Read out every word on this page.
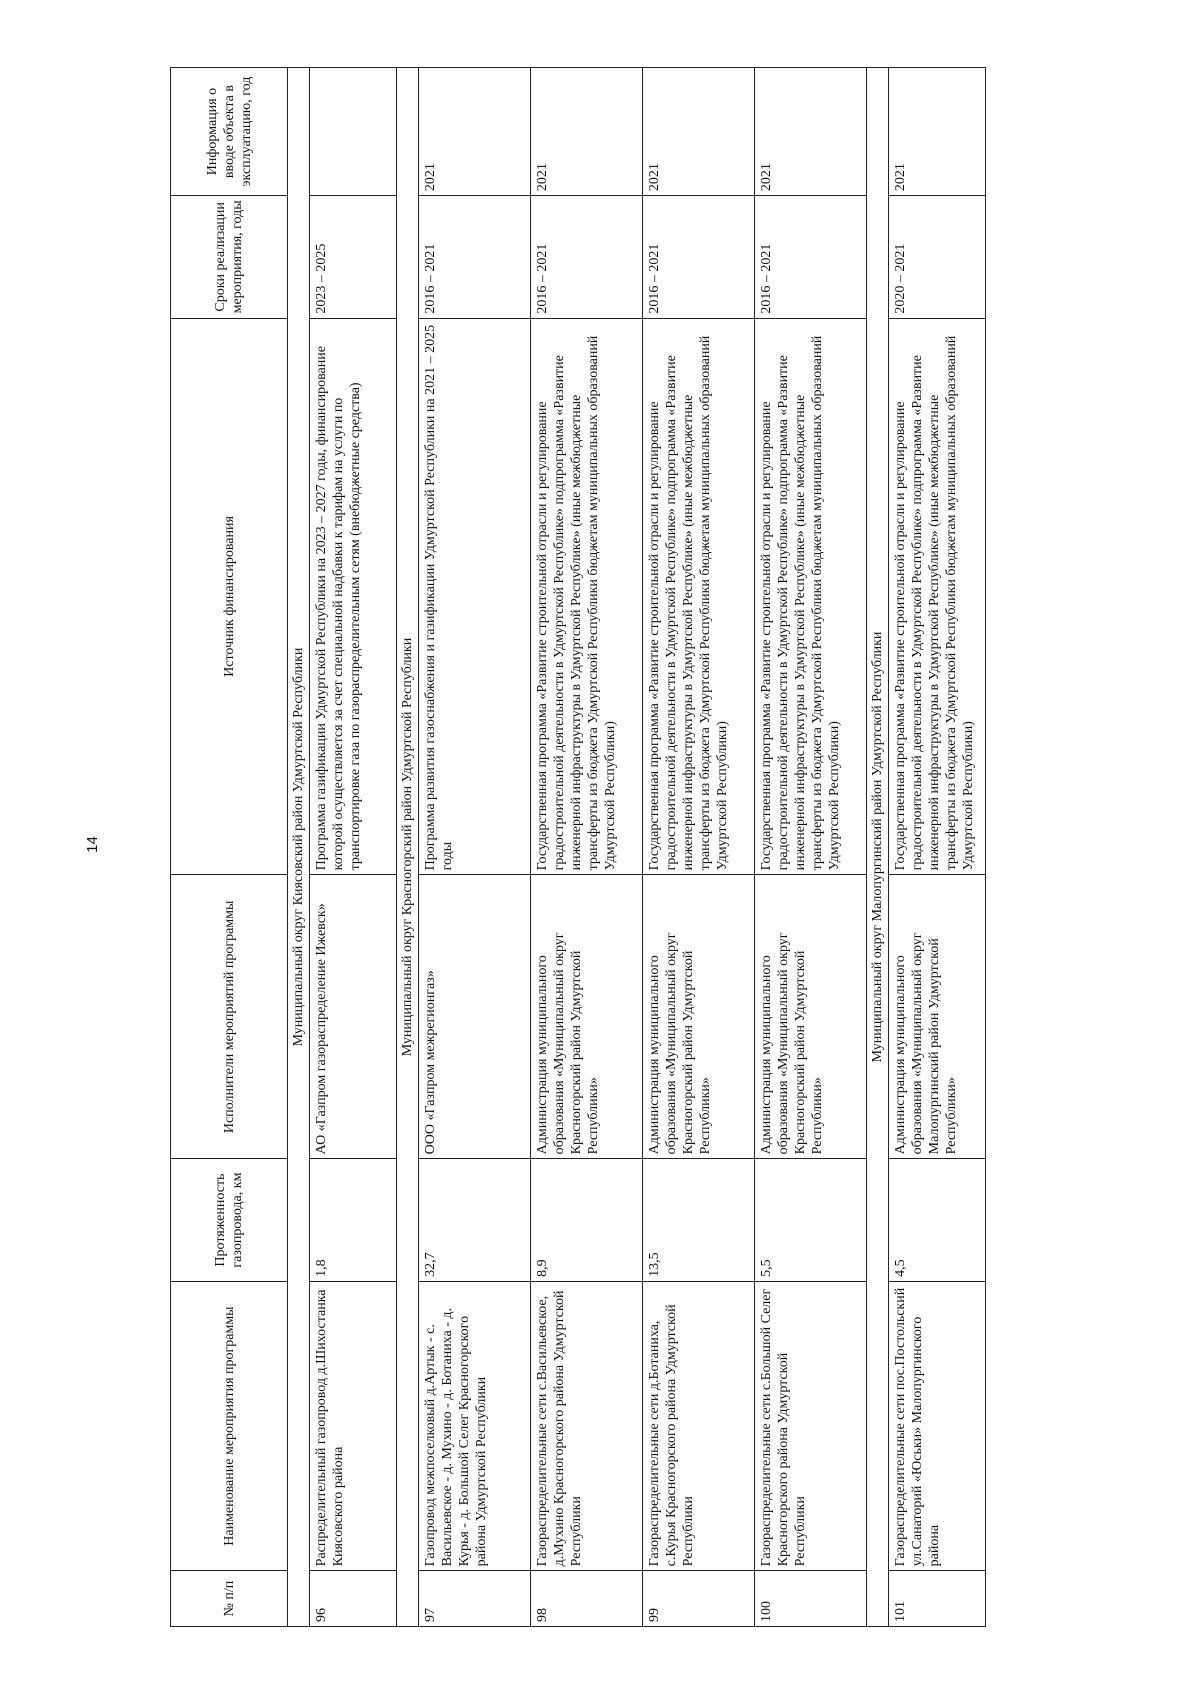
14
№ п/п	Наименование мероприятия программы	Протяженность газопровода, км	Исполнители мероприятий программы	Источник финансирования	Сроки реализации мероприятия, годы	Информация о вводе объекта в эксплуатацию, год
Муниципальный округ Киясовский район Удмуртской Республики						
96	Распределительный газопровод д.Шихостанка Киясовского района	1,8	АО «Газпром газораспределение Ижевск»	Программа газификации Удмуртской Республики на 2023 – 2027 годы, финансирование которой осуществляется за счет специальной надбавки к тарифам на услуги по транспортировке газа по газораспределительным сетям (внебюджетные средства)	2023 – 2025	
Муниципальный округ Красногорский район Удмуртской Республики						
97	Газопровод межпоселковый д.Артык - с. Васильевское - д. Мухино - д. Ботаниха - д. Курья - д. Большой Селег Красногорского района Удмуртской Республики	32,7	ООО «Газпром межрегионгаз»	Программа развития газоснабжения и газификации Удмуртской Республики на 2021 – 2025 годы	2016 – 2021	2021
98	Газораспределительные сети с.Васильевское, д.Мухино Красногорского района Удмуртской Республики	8,9	Администрация муниципального образования «Муниципальный округ Красногорский район Удмуртской Республики»	Государственная программа «Развитие строительной отрасли и регулирование градостроительной деятельности в Удмуртской Республике» подпрограмма «Развитие инженерной инфраструктуры в Удмуртской Республике» (иные межбюджетные трансферты из бюджета Удмуртской Республики бюджетам муниципальных образований Удмуртской Республики)	2016 – 2021	2021
99	Газораспределительные сети д.Ботаниха, с.Курья Красногорского района Удмуртской Республики	13,5	Администрация муниципального образования «Муниципальный округ Красногорский район Удмуртской Республики»	Государственная программа «Развитие строительной отрасли и регулирование градостроительной деятельности в Удмуртской Республике» подпрограмма «Развитие инженерной инфраструктуры в Удмуртской Республике» (иные межбюджетные трансферты из бюджета Удмуртской Республики бюджетам муниципальных образований Удмуртской Республики)	2016 – 2021	2021
100	Газораспределительные сети с.Большой Селег Красногорского района Удмуртской Республики	5,5	Администрация муниципального образования «Муниципальный округ Красногорский район Удмуртской Республики»	Государственная программа «Развитие строительной отрасли и регулирование градостроительной деятельности в Удмуртской Республике» подпрограмма «Развитие инженерной инфраструктуры в Удмуртской Республике» (иные межбюджетные трансферты из бюджета Удмуртской Республики бюджетам муниципальных образований Удмуртской Республики)	2016 – 2021	2021
Муниципальный округ Малопургинский район Удмуртской Республики						
101	Газораспределительные сети пос.Постольский ул.Санаторий «Юськи» Малопургинского района	4,5	Администрация муниципального образования «Муниципальный округ Малопургинский район Удмуртской Республики»	Государственная программа «Развитие строительной отрасли и регулирование градостроительной деятельности в Удмуртской Республике» подпрограмма «Развитие инженерной инфраструктуры в Удмуртской Республике» (иные межбюджетные трансферты из бюджета Удмуртской Республики бюджетам муниципальных образований Удмуртской Республики)	2020 – 2021	2021
